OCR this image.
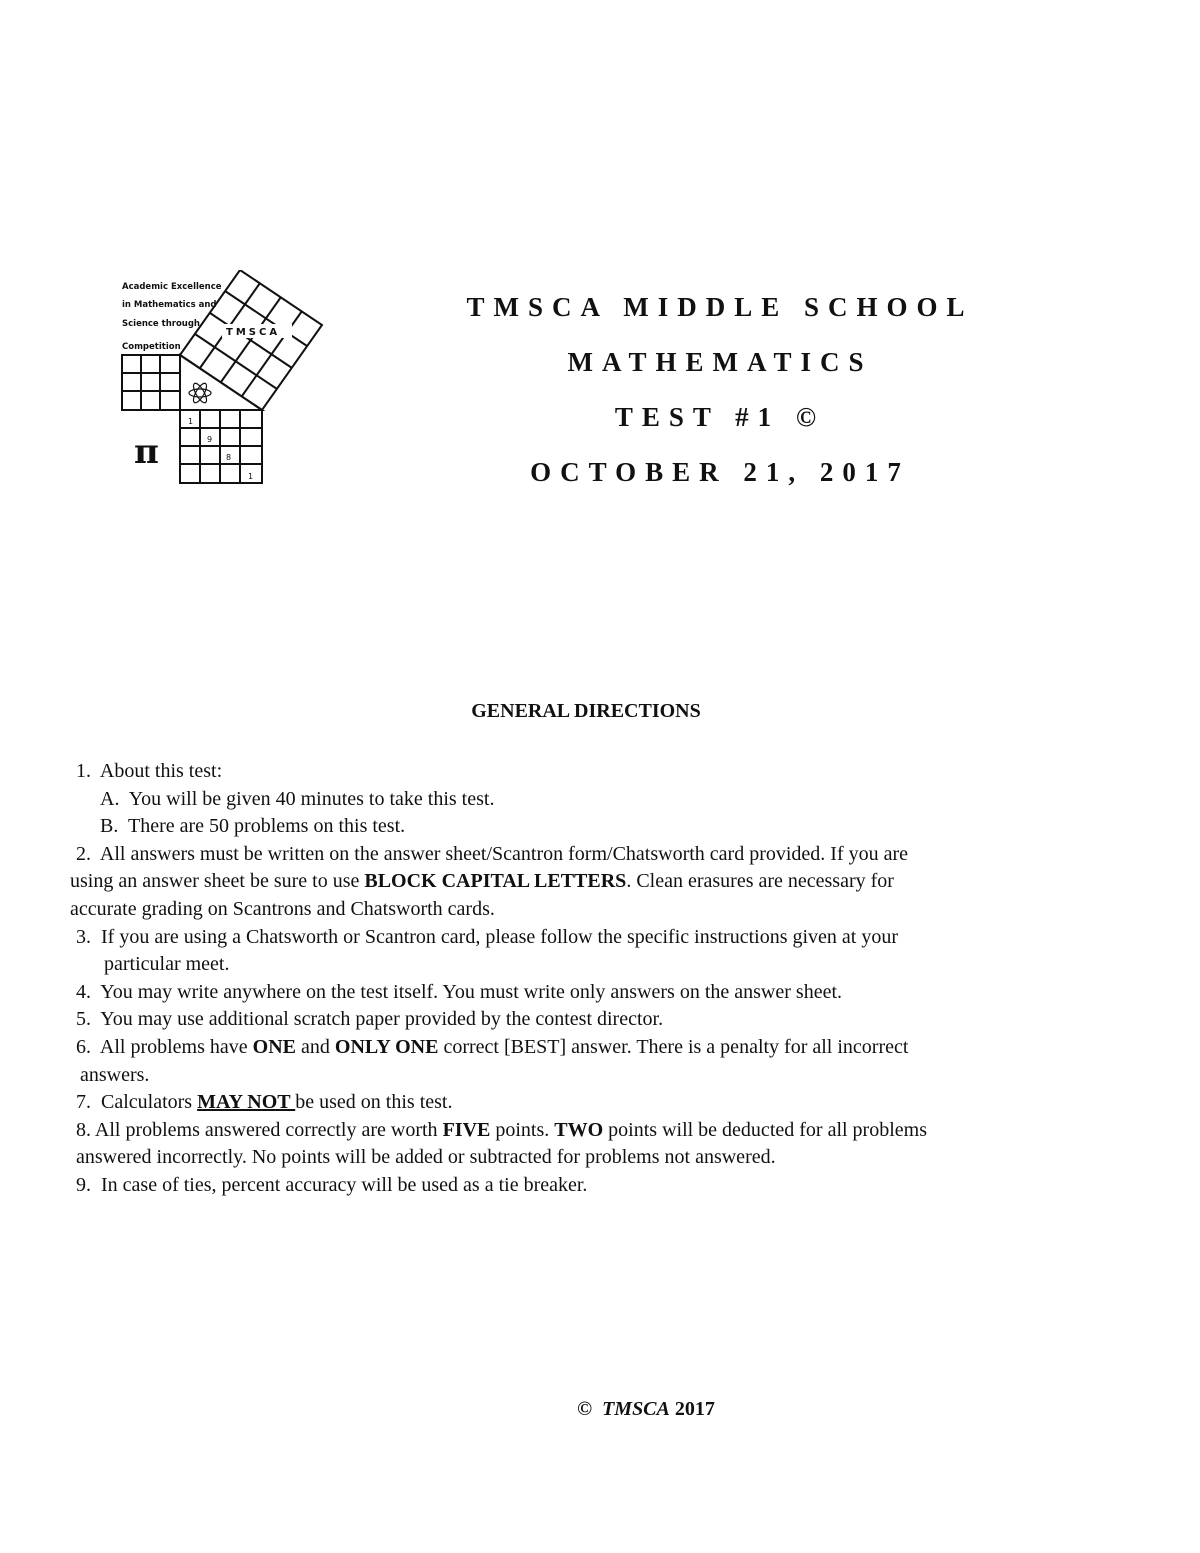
Academic Excellence
in Mathematics and
Science through
Competition
TMSCA
π
1
9
8
1
TMSCA MIDDLE SCHOOL
MATHEMATICS
TEST #1 ©
OCTOBER 21, 2017
GENERAL DIRECTIONS
1. About this test:
A. You will be given 40 minutes to take this test.
B. There are 50 problems on this test.
2. All answers must be written on the answer sheet/Scantron form/Chatsworth card provided. If you are
using an answer sheet be sure to use BLOCK CAPITAL LETTERS. Clean erasures are necessary for
accurate grading on Scantrons and Chatsworth cards.
3. If you are using a Chatsworth or Scantron card, please follow the specific instructions given at your
particular meet.
4. You may write anywhere on the test itself. You must write only answers on the answer sheet.
5. You may use additional scratch paper provided by the contest director.
6. All problems have ONE and ONLY ONE correct [BEST] answer. There is a penalty for all incorrect
answers.
7. Calculators MAY NOT be used on this test.
8. All problems answered correctly are worth FIVE points. TWO points will be deducted for all problems
answered incorrectly. No points will be added or subtracted for problems not answered.
9. In case of ties, percent accuracy will be used as a tie breaker.
© TMSCA 2017
